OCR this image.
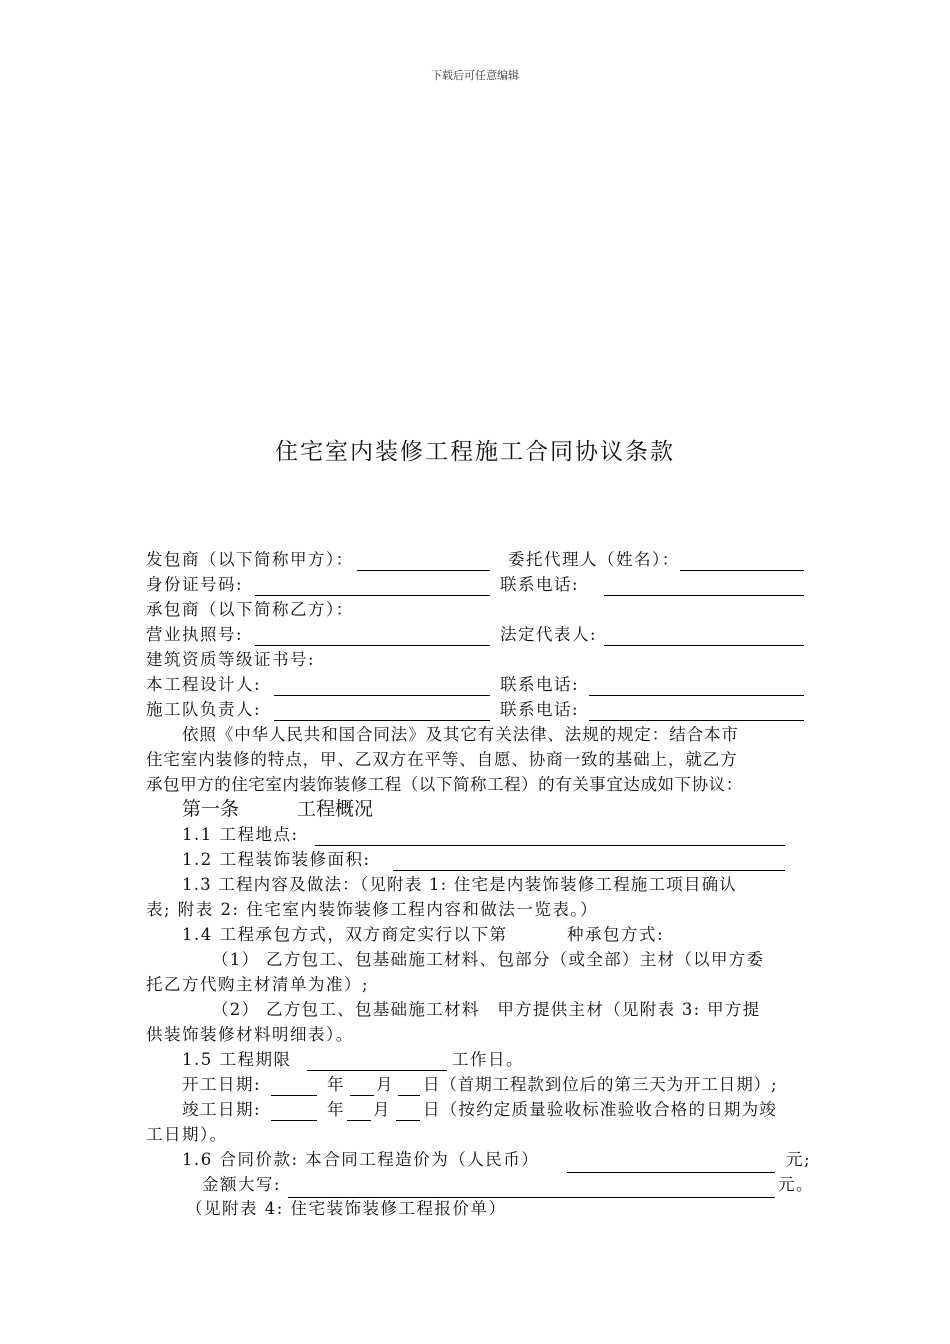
下载后可任意编辑
住宅室内装修工程施工合同协议条款
发包商（以下简称甲方）：	委托代理人（姓名）：
身份证号码:	联系电话:
承包商（以下简称乙方）：
营业执照号:	法定代表人:
建筑资质等级证书号:
本工程设计人:	联系电话:
施工队负责人:	联系电话:
依照《中华人民共和国合同法》及其它有关法律、法规的规定：结合本市
住宅室内装修的特点，甲、乙双方在平等、自愿、协商一致的基础上，就乙方
承包甲方的住宅室内装饰装修工程（以下简称工程）的有关事宜达成如下协议：
第一条	工程概况
1.1 工程地点:
1.2 工程装饰装修面积:
1.3 工程内容及做法：（见附表 1: 住宅是内装饰装修工程施工项目确认
表; 附表 2: 住宅室内装饰装修工程内容和做法一览表。）
1.4 工程承包方式，双方商定实行以下第	种承包方式:
（1） 乙方包工、包基础施工材料、包部分（或全部）主材（以甲方委
托乙方代购主材清单为准）;
（2） 乙方包工、包基础施工材料　甲方提供主材（见附表 3: 甲方提
供装饰装修材料明细表）。
1.5 工程期限	工作日。
开工日期:	年 月 日（首期工程款到位后的第三天为开工日期）;
竣工日期:	年 月 日（按约定质量验收标准验收合格的日期为竣
工日期）。
1.6 合同价款: 本合同工程造价为（人民币）	元;
金额大写:	元。
（见附表 4: 住宅装饰装修工程报价单）
